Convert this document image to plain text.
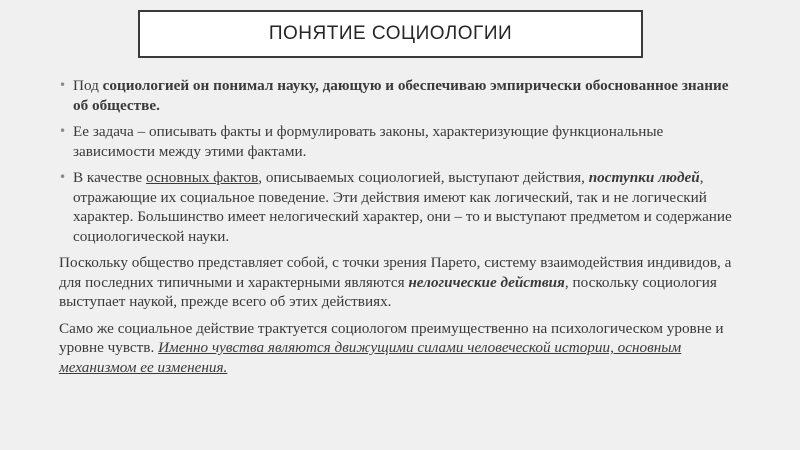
ПОНЯТИЕ СОЦИОЛОГИИ
• Под социологией он понимал науку, дающую и обеспечиваю эмпирически обоснованное знание об обществе.
• Ее задача – описывать факты и формулировать законы, характеризующие функциональные зависимости между этими фактами.
• В качестве основных фактов, описываемых социологией, выступают действия, поступки людей, отражающие их социальное поведение. Эти действия имеют как логический, так и не логический характер. Большинство имеет нелогический характер, они – то и выступают предметом и содержание социологической науки.
Поскольку общество представляет собой, с точки зрения Парето, систему взаимодействия индивидов, а для последних типичными и характерными являются нелогические действия, поскольку социология выступает наукой, прежде всего об этих действиях.
Само же социальное действие трактуется социологом преимущественно на психологическом уровне и уровне чувств. Именно чувства являются движущими силами человеческой истории, основным механизмом ее изменения.
